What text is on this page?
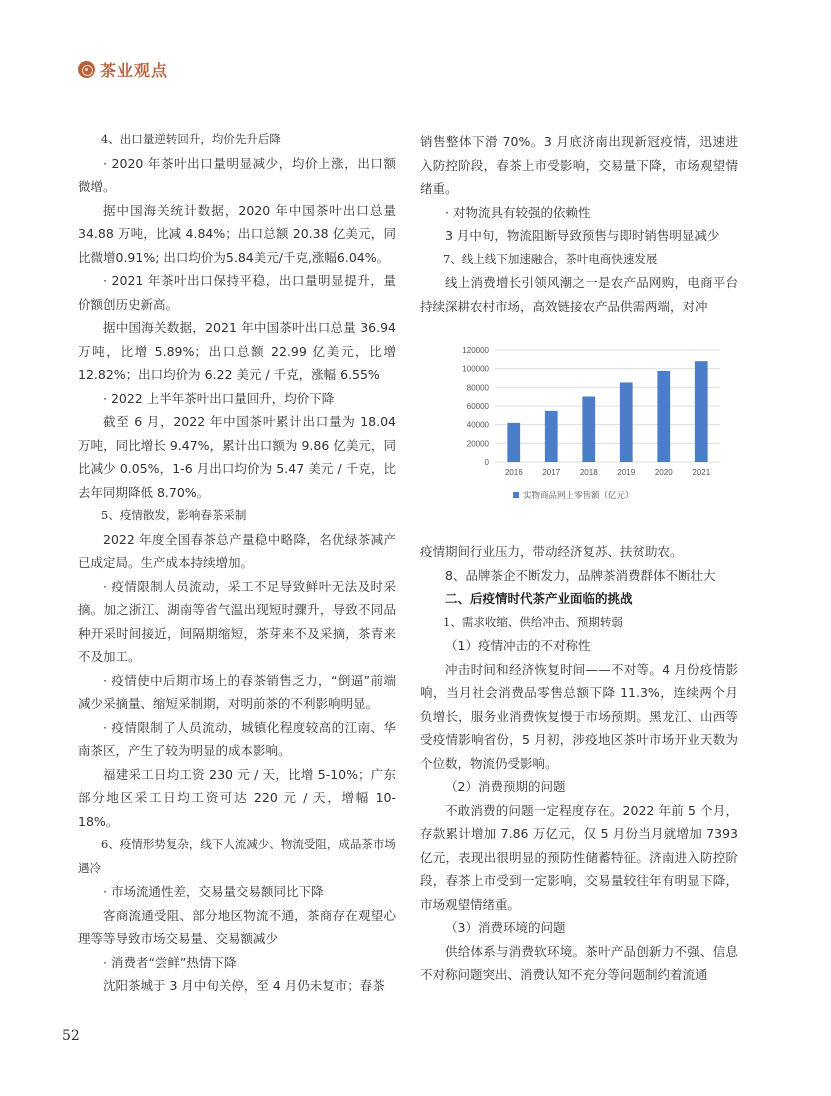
茶业观点
4、出口量逆转回升，均价先升后降
· 2020 年茶叶出口量明显减少，均价上涨，出口额微增。
据中国海关统计数据，2020 年中国茶叶出口总量 34.88 万吨，比减 4.84%；出口总额 20.38 亿美元，同比微增0.91%; 出口均价为5.84美元/千克,涨幅6.04%。
· 2021 年茶叶出口保持平稳，出口量明显提升，量价额创历史新高。
据中国海关数据，2021 年中国茶叶出口总量 36.94 万吨，比增 5.89%；出口总额 22.99 亿美元，比增 12.82%；出口均价为 6.22 美元 / 千克，涨幅 6.55%
· 2022 上半年茶叶出口量回升，均价下降
截至 6 月，2022 年中国茶叶累计出口量为 18.04 万吨，同比增长 9.47%，累计出口额为 9.86 亿美元，同比减少 0.05%，1-6 月出口均价为 5.47 美元 / 千克，比去年同期降低 8.70%。
5、疫情散发，影响春茶采制
2022 年度全国春茶总产量稳中略降，名优绿茶减产已成定局。生产成本持续增加。
· 疫情限制人员流动，采工不足导致鲜叶无法及时采摘。加之浙江、湖南等省气温出现短时骤升，导致不同品种开采时间接近，间隔期缩短，茶芽来不及采摘，茶青来不及加工。
· 疫情使中后期市场上的春茶销售乏力，“倒逼”前端减少采摘量、缩短采制期，对明前茶的不利影响明显。
· 疫情限制了人员流动，城镇化程度较高的江南、华南茶区，产生了较为明显的成本影响。
福建采工日均工资 230 元 / 天，比增 5-10%；广东部分地区采工日均工资可达 220 元 / 天，增幅 10-18%。
6、疫情形势复杂，线下人流减少、物流受阻，成品茶市场遇冷
· 市场流通性差，交易量交易额同比下降
客商流通受阻、部分地区物流不通，茶商存在观望心理等等导致市场交易量、交易额减少
· 消费者“尝鲜”热情下降
沈阳茶城于 3 月中旬关停，至 4 月仍未复市；春茶
销售整体下滑 70%。3 月底济南出现新冠疫情，迅速进入防控阶段，春茶上市受影响，交易量下降，市场观望情绪重。
· 对物流具有较强的依赖性
3 月中旬，物流阻断导致预售与即时销售明显减少
7、线上线下加速融合，茶叶电商快速发展
线上消费增长引领风潮之一是农产品网购，电商平台持续深耕农村市场，高效链接农产品供需两端，对冲
0
20000
40000
60000
80000
100000
120000
2016 2017 2018 2019 2020 2021
实物商品网上零售额（亿元）
疫情期间行业压力，带动经济复苏、扶贫助农。
8、品牌茶企不断发力，品牌茶消费群体不断壮大
二、后疫情时代茶产业面临的挑战
1、需求收缩、供给冲击、预期转弱
（1）疫情冲击的不对称性
冲击时间和经济恢复时间——不对等。4 月份疫情影响，当月社会消费品零售总额下降 11.3%，连续两个月负增长，服务业消费恢复慢于市场预期。黑龙江、山西等受疫情影响省份，5 月初，涉疫地区茶叶市场开业天数为个位数，物流仍受影响。
（2）消费预期的问题
不敢消费的问题一定程度存在。2022 年前 5 个月，存款累计增加 7.86 万亿元，仅 5 月份当月就增加 7393 亿元，表现出很明显的预防性储蓄特征。济南进入防控阶段，春茶上市受到一定影响，交易量较往年有明显下降，市场观望情绪重。
（3）消费环境的问题
供给体系与消费软环境。茶叶产品创新力不强、信息不对称问题突出、消费认知不充分等问题制约着流通
52
